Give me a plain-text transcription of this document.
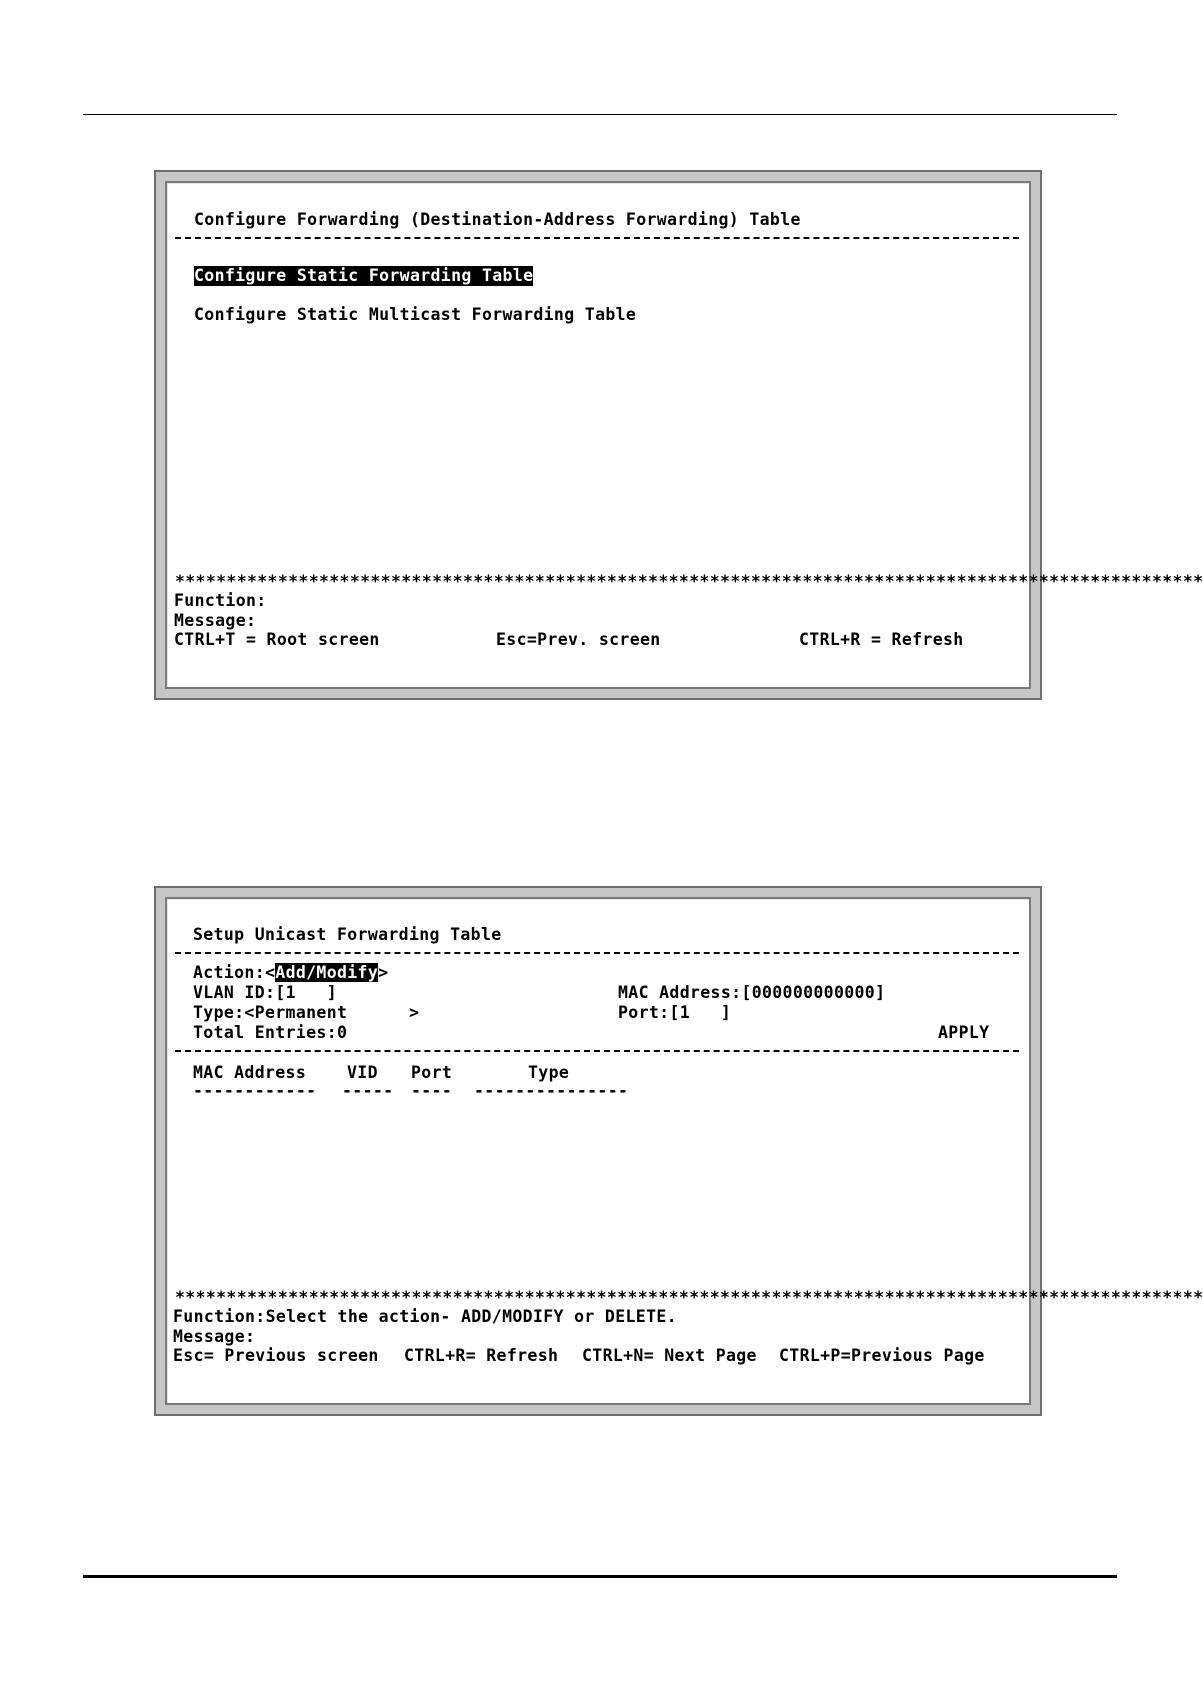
Configure Forwarding (Destination-Address Forwarding) Table
Configure Static Forwarding Table
Configure Static Multicast Forwarding Table
****************************************************************************************************
Function:
Message:
CTRL+T = Root screen	Esc=Prev. screen	CTRL+R = Refresh
Setup Unicast Forwarding Table
Action:<Add/Modify>
VLAN ID:[1   ]	MAC Address:[000000000000]
Type:<Permanent      >	Port:[1   ]
Total Entries:0	APPLY
MAC Address VID Port	Type
------------ ----- ---- ---------------
****************************************************************************************************
Function:Select the action- ADD/MODIFY or DELETE.
Message:
Esc= Previous screen CTRL+R= Refresh CTRL+N= Next Page CTRL+P=Previous Page
